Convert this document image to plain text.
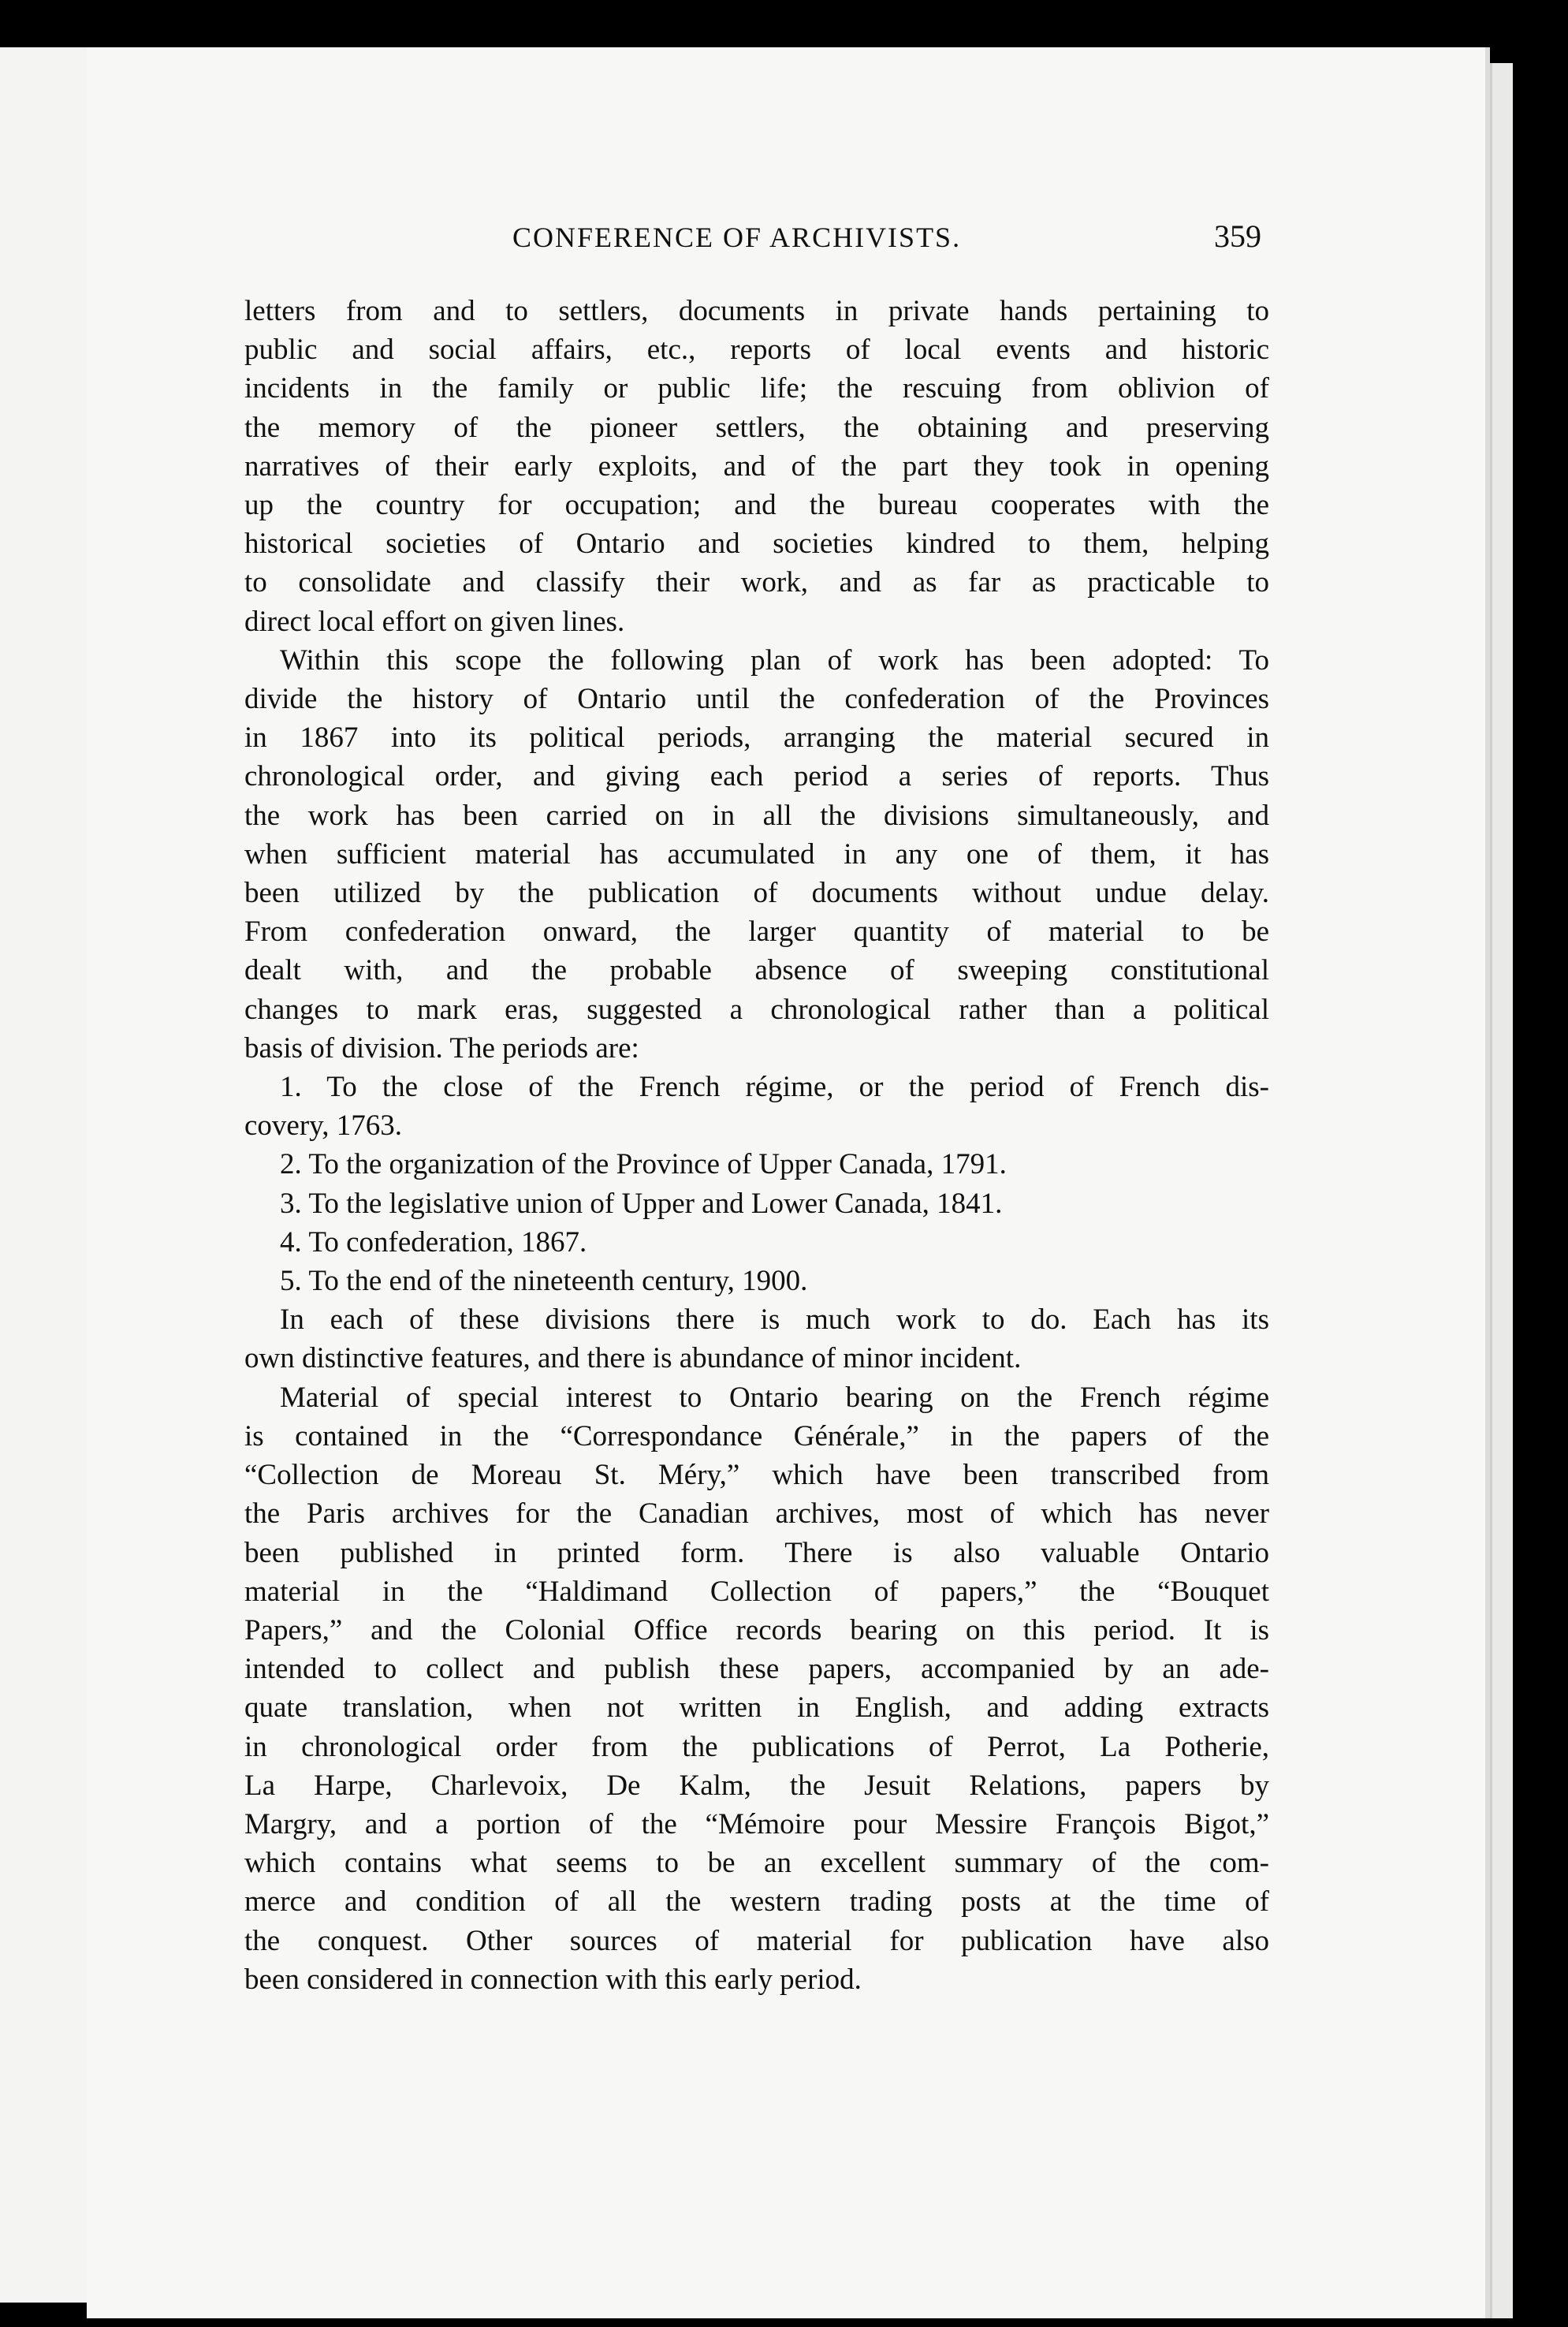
CONFERENCE OF ARCHIVISTS.	359
letters from and to settlers, documents in private hands pertaining to
public and social affairs, etc., reports of local events and historic
incidents in the family or public life; the rescuing from oblivion of
the memory of the pioneer settlers, the obtaining and preserving
narratives of their early exploits, and of the part they took in opening
up the country for occupation; and the bureau cooperates with the
historical societies of Ontario and societies kindred to them, helping
to consolidate and classify their work, and as far as practicable to
direct local effort on given lines.
Within this scope the following plan of work has been adopted: To
divide the history of Ontario until the confederation of the Provinces
in 1867 into its political periods, arranging the material secured in
chronological order, and giving each period a series of reports. Thus
the work has been carried on in all the divisions simultaneously, and
when sufficient material has accumulated in any one of them, it has
been utilized by the publication of documents without undue delay.
From confederation onward, the larger quantity of material to be
dealt with, and the probable absence of sweeping constitutional
changes to mark eras, suggested a chronological rather than a political
basis of division. The periods are:
1. To the close of the French régime, or the period of French dis-
covery, 1763.
2. To the organization of the Province of Upper Canada, 1791.
3. To the legislative union of Upper and Lower Canada, 1841.
4. To confederation, 1867.
5. To the end of the nineteenth century, 1900.
In each of these divisions there is much work to do. Each has its
own distinctive features, and there is abundance of minor incident.
Material of special interest to Ontario bearing on the French régime
is contained in the “Correspondance Générale,” in the papers of the
“Collection de Moreau St. Méry,” which have been transcribed from
the Paris archives for the Canadian archives, most of which has never
been published in printed form. There is also valuable Ontario
material in the “Haldimand Collection of papers,” the “Bouquet
Papers,” and the Colonial Office records bearing on this period. It is
intended to collect and publish these papers, accompanied by an ade-
quate translation, when not written in English, and adding extracts
in chronological order from the publications of Perrot, La Potherie,
La Harpe, Charlevoix, De Kalm, the Jesuit Relations, papers by
Margry, and a portion of the “Mémoire pour Messire François Bigot,”
which contains what seems to be an excellent summary of the com-
merce and condition of all the western trading posts at the time of
the conquest. Other sources of material for publication have also
been considered in connection with this early period.
